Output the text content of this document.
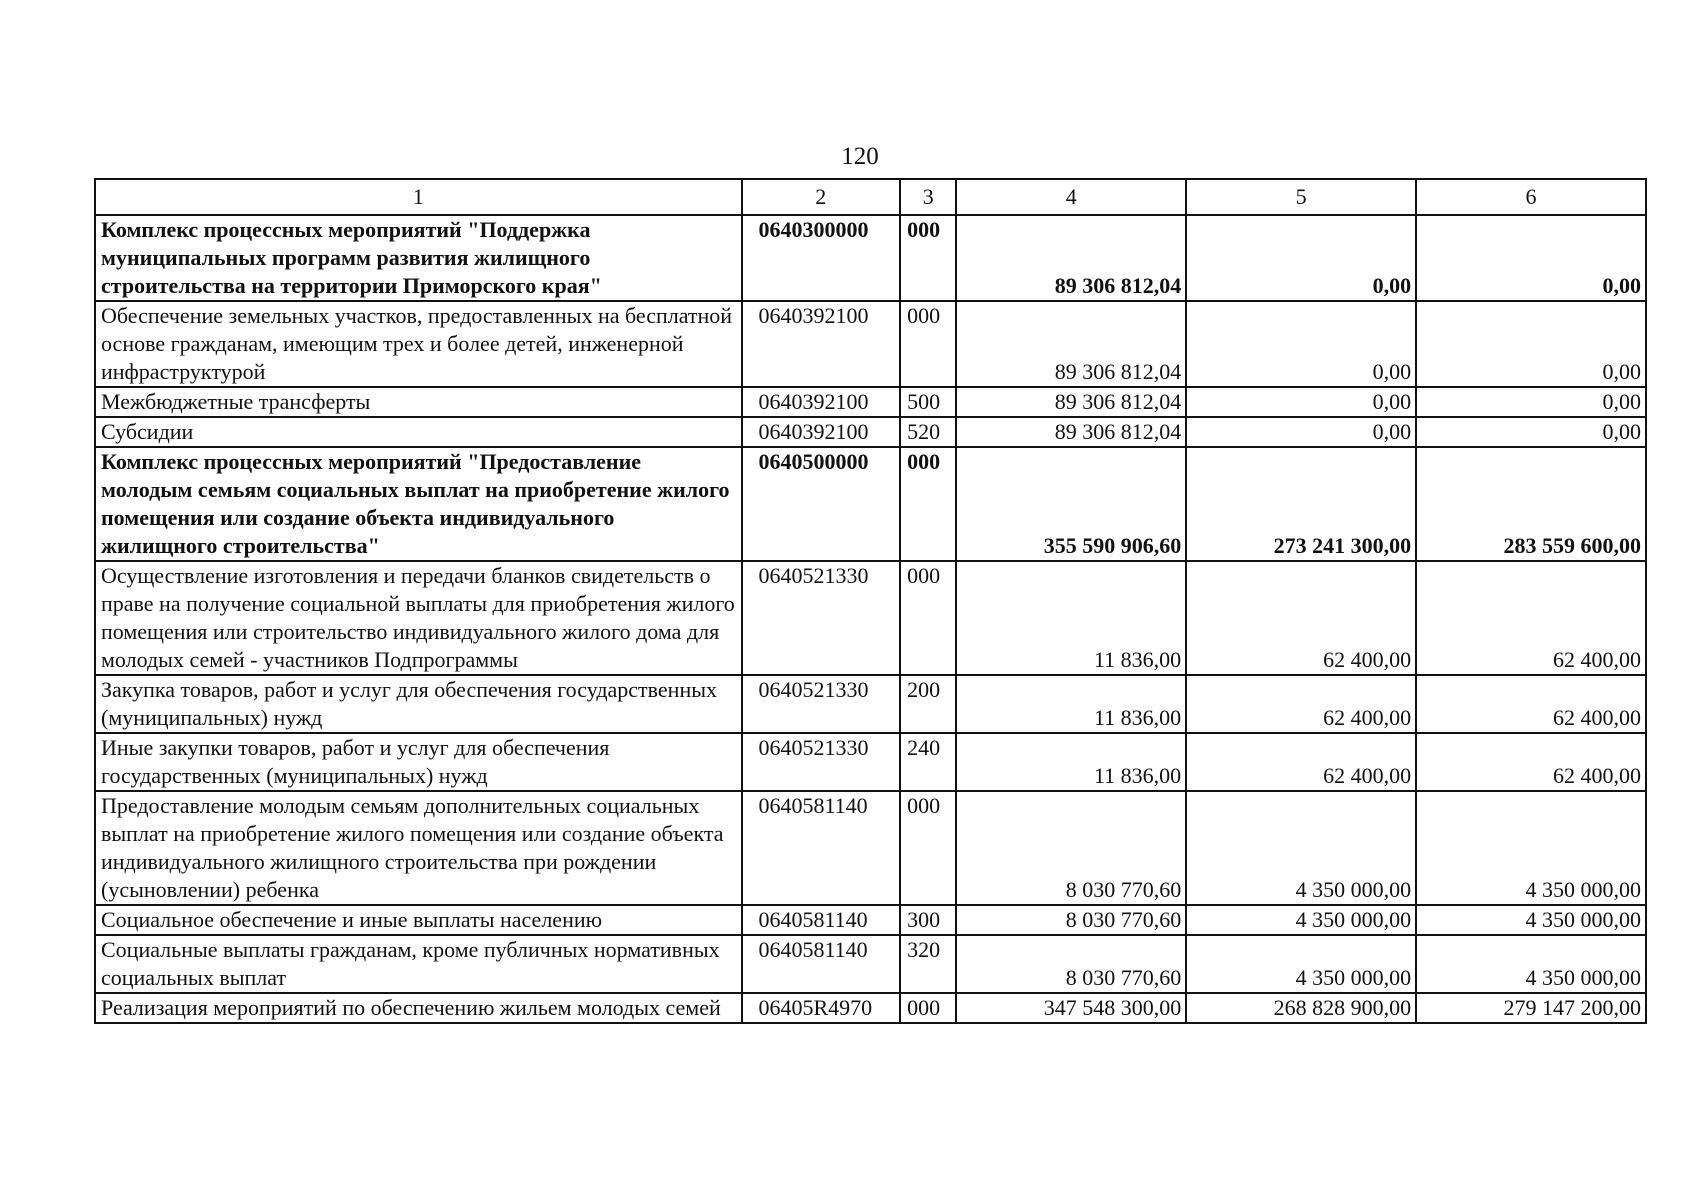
120
1	2	3	4	5	6
Комплекс процессных мероприятий "Поддержка муниципальных программ развития жилищного строительства на территории Приморского края"	0640300000	000	89 306 812,04	0,00	0,00
Обеспечение земельных участков, предоставленных на бесплатной основе гражданам, имеющим трех и более детей, инженерной инфраструктурой	0640392100	000	89 306 812,04	0,00	0,00
Межбюджетные трансферты	0640392100	500	89 306 812,04	0,00	0,00
Субсидии	0640392100	520	89 306 812,04	0,00	0,00
Комплекс процессных мероприятий "Предоставление молодым семьям социальных выплат на приобретение жилого помещения или создание объекта индивидуального жилищного строительства"	0640500000	000	355 590 906,60	273 241 300,00	283 559 600,00
Осуществление изготовления и передачи бланков свидетельств о праве на получение социальной выплаты для приобретения жилого помещения или строительство индивидуального жилого дома для молодых семей - участников Подпрограммы	0640521330	000	11 836,00	62 400,00	62 400,00
Закупка товаров, работ и услуг для обеспечения государственных (муниципальных) нужд	0640521330	200	11 836,00	62 400,00	62 400,00
Иные закупки товаров, работ и услуг для обеспечения государственных (муниципальных) нужд	0640521330	240	11 836,00	62 400,00	62 400,00
Предоставление молодым семьям дополнительных социальных выплат на приобретение жилого помещения или создание объекта индивидуального жилищного строительства при рождении (усыновлении) ребенка	0640581140	000	8 030 770,60	4 350 000,00	4 350 000,00
Социальное обеспечение и иные выплаты населению	0640581140	300	8 030 770,60	4 350 000,00	4 350 000,00
Социальные выплаты гражданам, кроме публичных нормативных социальных выплат	0640581140	320	8 030 770,60	4 350 000,00	4 350 000,00
Реализация мероприятий по обеспечению жильем молодых семей	06405R4970	000	347 548 300,00	268 828 900,00	279 147 200,00
